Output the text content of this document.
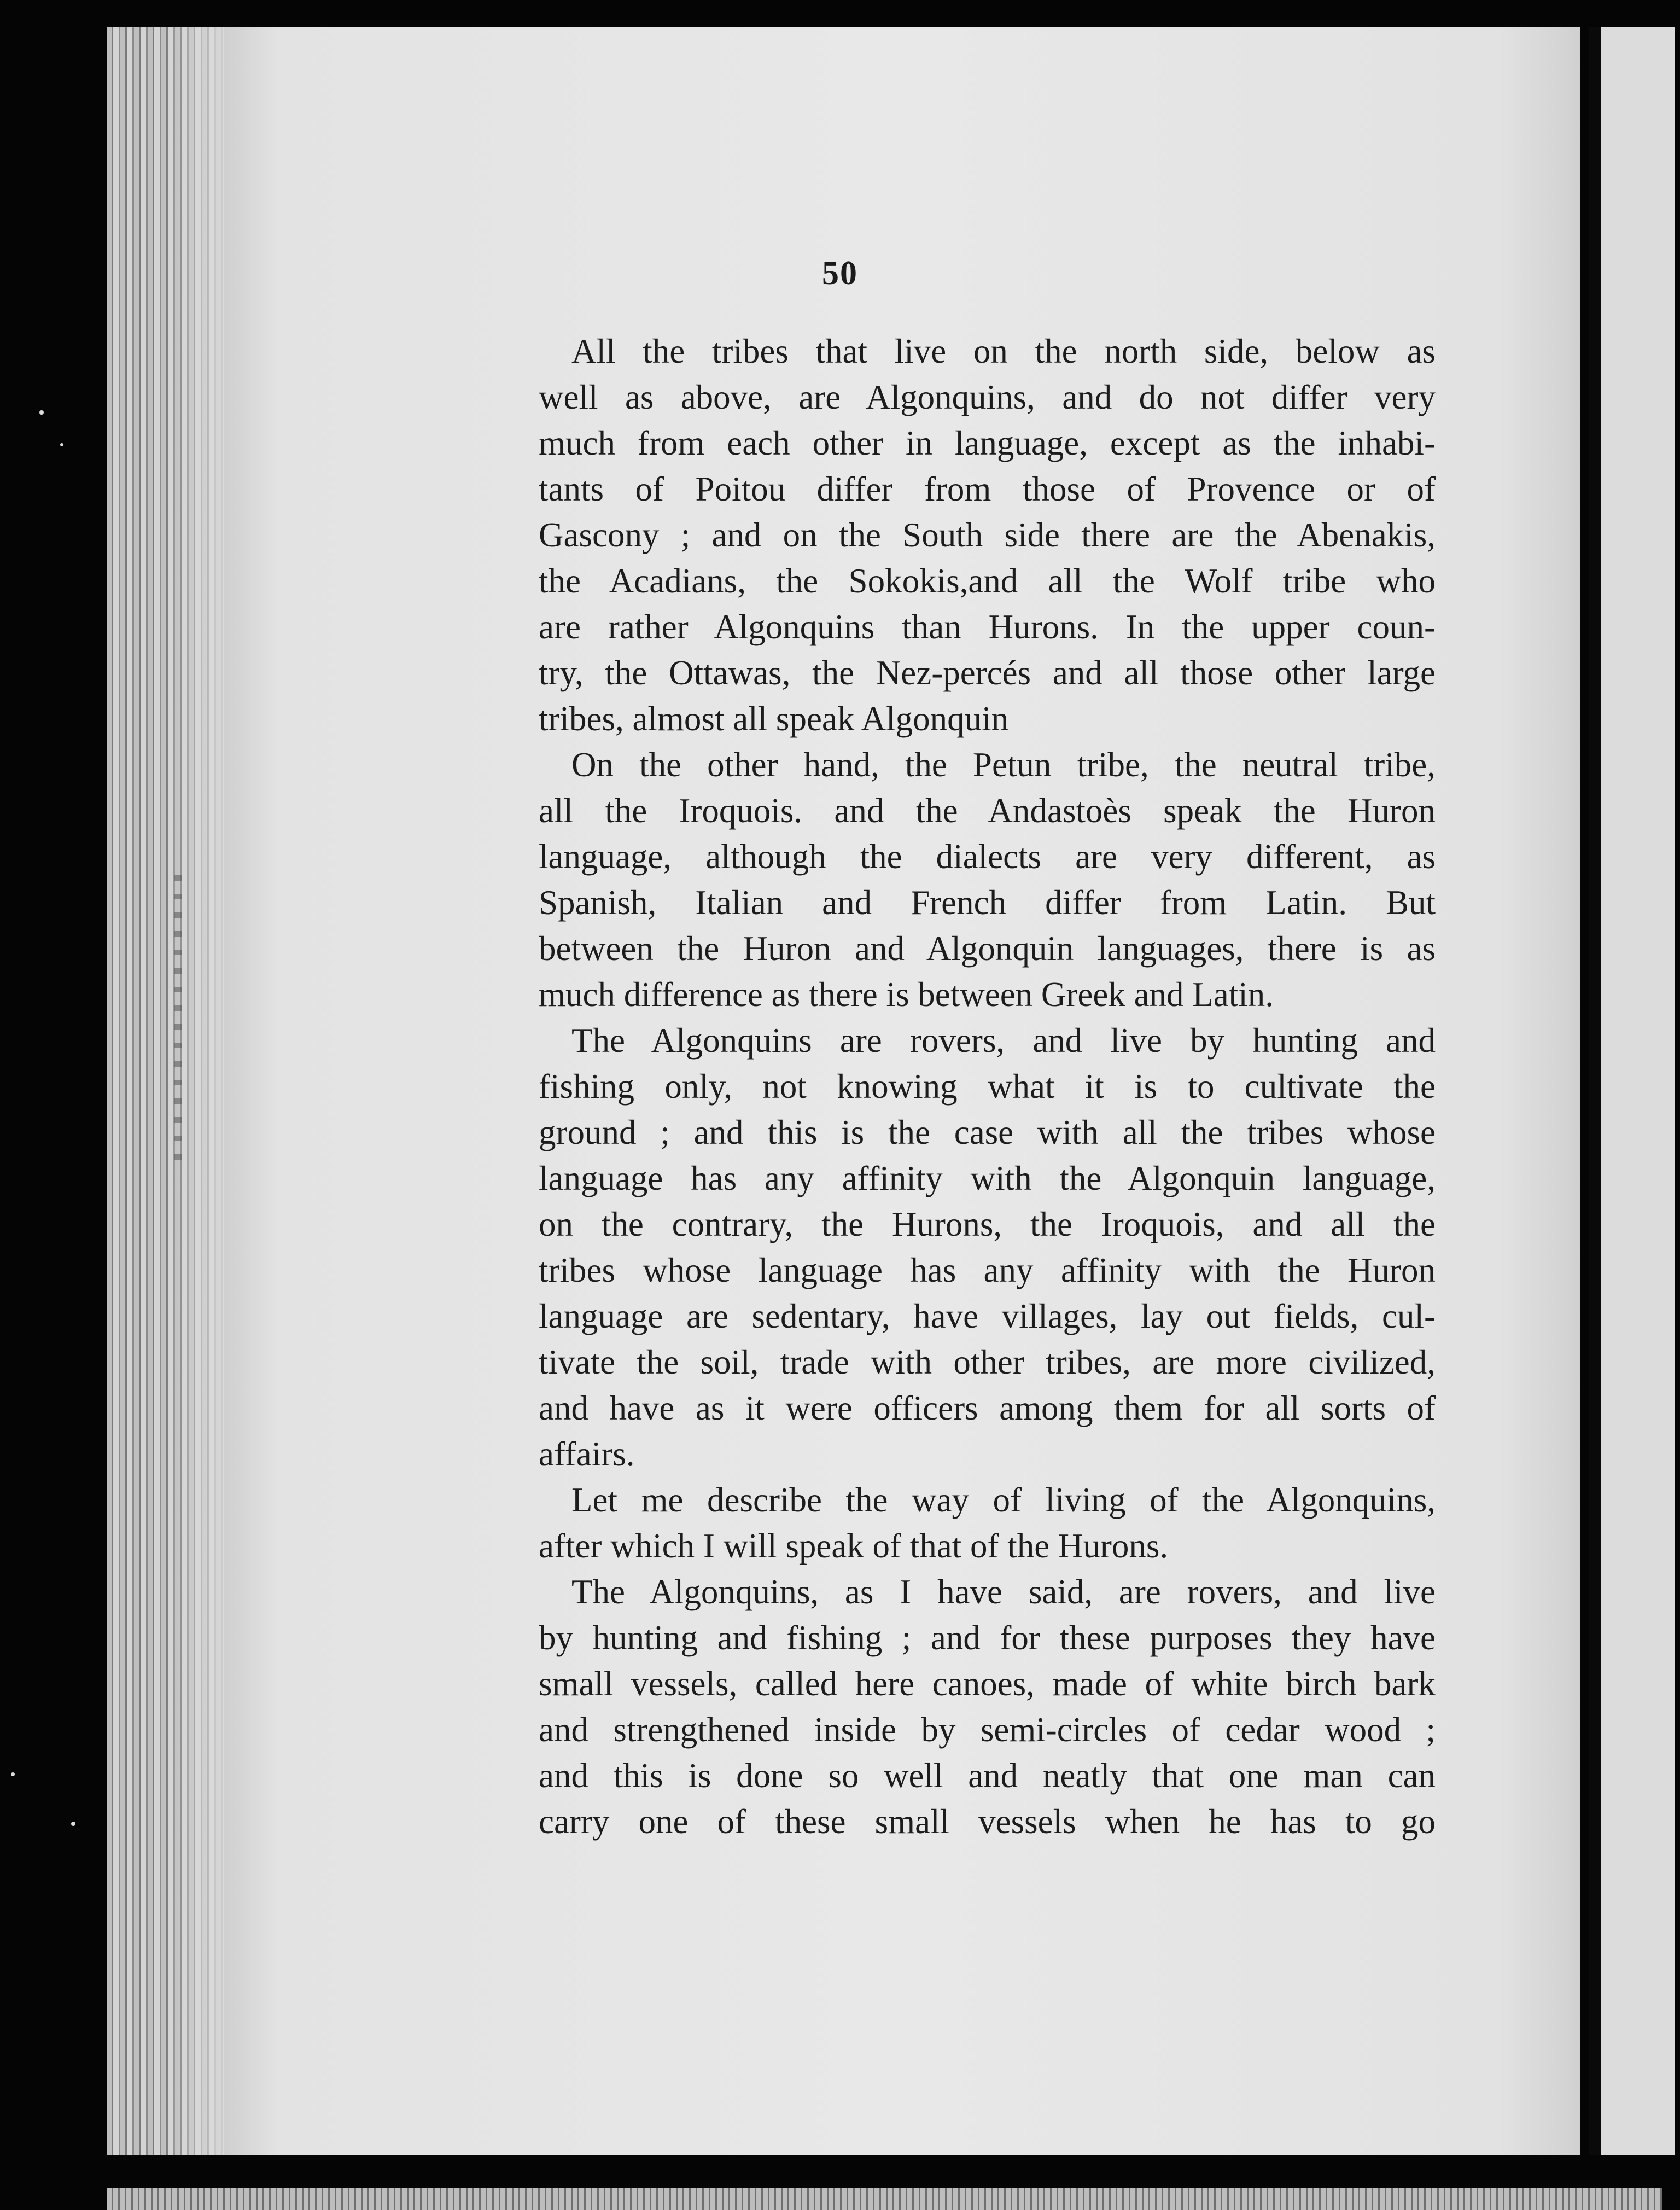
50
All the tribes that live on the north side, below as
well as above, are Algonquins, and do not differ very
much from each other in language, except as the inhabi-
tants of Poitou differ from those of Provence or of
Gascony ; and on the South side there are the Abenakis,
the Acadians, the Sokokis,and all the Wolf tribe who
are rather Algonquins than Hurons. In the upper coun-
try, the Ottawas, the Nez-percés and all those other large
tribes, almost all speak Algonquin
On the other hand, the Petun tribe, the neutral tribe,
all the Iroquois. and the Andastoès speak the Huron
language, although the dialects are very different, as
Spanish, Italian and French differ from Latin. But
between the Huron and Algonquin languages, there is as
much difference as there is between Greek and Latin.
The Algonquins are rovers, and live by hunting and
fishing only, not knowing what it is to cultivate the
ground ; and this is the case with all the tribes whose
language has any affinity with the Algonquin language,
on the contrary, the Hurons, the Iroquois, and all the
tribes whose language has any affinity with the Huron
language are sedentary, have villages, lay out fields, cul-
tivate the soil, trade with other tribes, are more civilized,
and have as it were officers among them for all sorts of
affairs.
Let me describe the way of living of the Algonquins,
after which I will speak of that of the Hurons.
The Algonquins, as I have said, are rovers, and live
by hunting and fishing ; and for these purposes they have
small vessels, called here canoes, made of white birch bark
and strengthened inside by semi-circles of cedar wood ;
and this is done so well and neatly that one man can
carry one of these small vessels when he has to go
